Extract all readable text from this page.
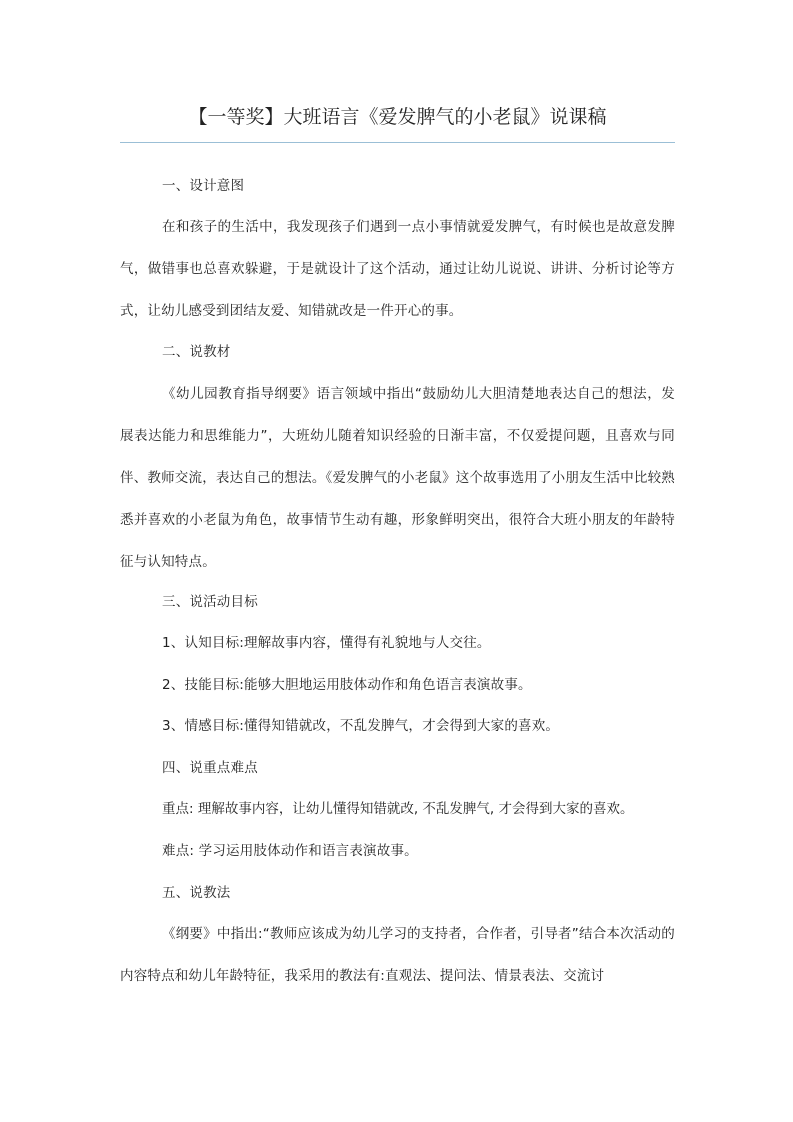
【一等奖】大班语言《爱发脾气的小老鼠》说课稿

一、设计意图

在和孩子的生活中，我发现孩子们遇到一点小事情就爱发脾气，有时候也是故意发脾气，做错事也总喜欢躲避，于是就设计了这个活动，通过让幼儿说说、讲讲、分析讨论等方式，让幼儿感受到团结友爱、知错就改是一件开心的事。

二、说教材

《幼儿园教育指导纲要》语言领域中指出“鼓励幼儿大胆清楚地表达自己的想法，发展表达能力和思维能力”，大班幼儿随着知识经验的日渐丰富，不仅爱提问题，且喜欢与同伴、教师交流，表达自己的想法。《爱发脾气的小老鼠》这个故事选用了小朋友生活中比较熟悉并喜欢的小老鼠为角色，故事情节生动有趣，形象鲜明突出，很符合大班小朋友的年龄特征与认知特点。

三、说活动目标

1、认知目标:理解故事内容，懂得有礼貌地与人交往。

2、技能目标:能够大胆地运用肢体动作和角色语言表演故事。

3、情感目标:懂得知错就改，不乱发脾气，才会得到大家的喜欢。

四、说重点难点

重点: 理解故事内容，让幼儿懂得知错就改, 不乱发脾气, 才会得到大家的喜欢。

难点: 学习运用肢体动作和语言表演故事。

五、说教法

《纲要》中指出:“教师应该成为幼儿学习的支持者，合作者，引导者”结合本次活动的内容特点和幼儿年龄特征，我采用的教法有:直观法、提问法、情景表法、交流讨
